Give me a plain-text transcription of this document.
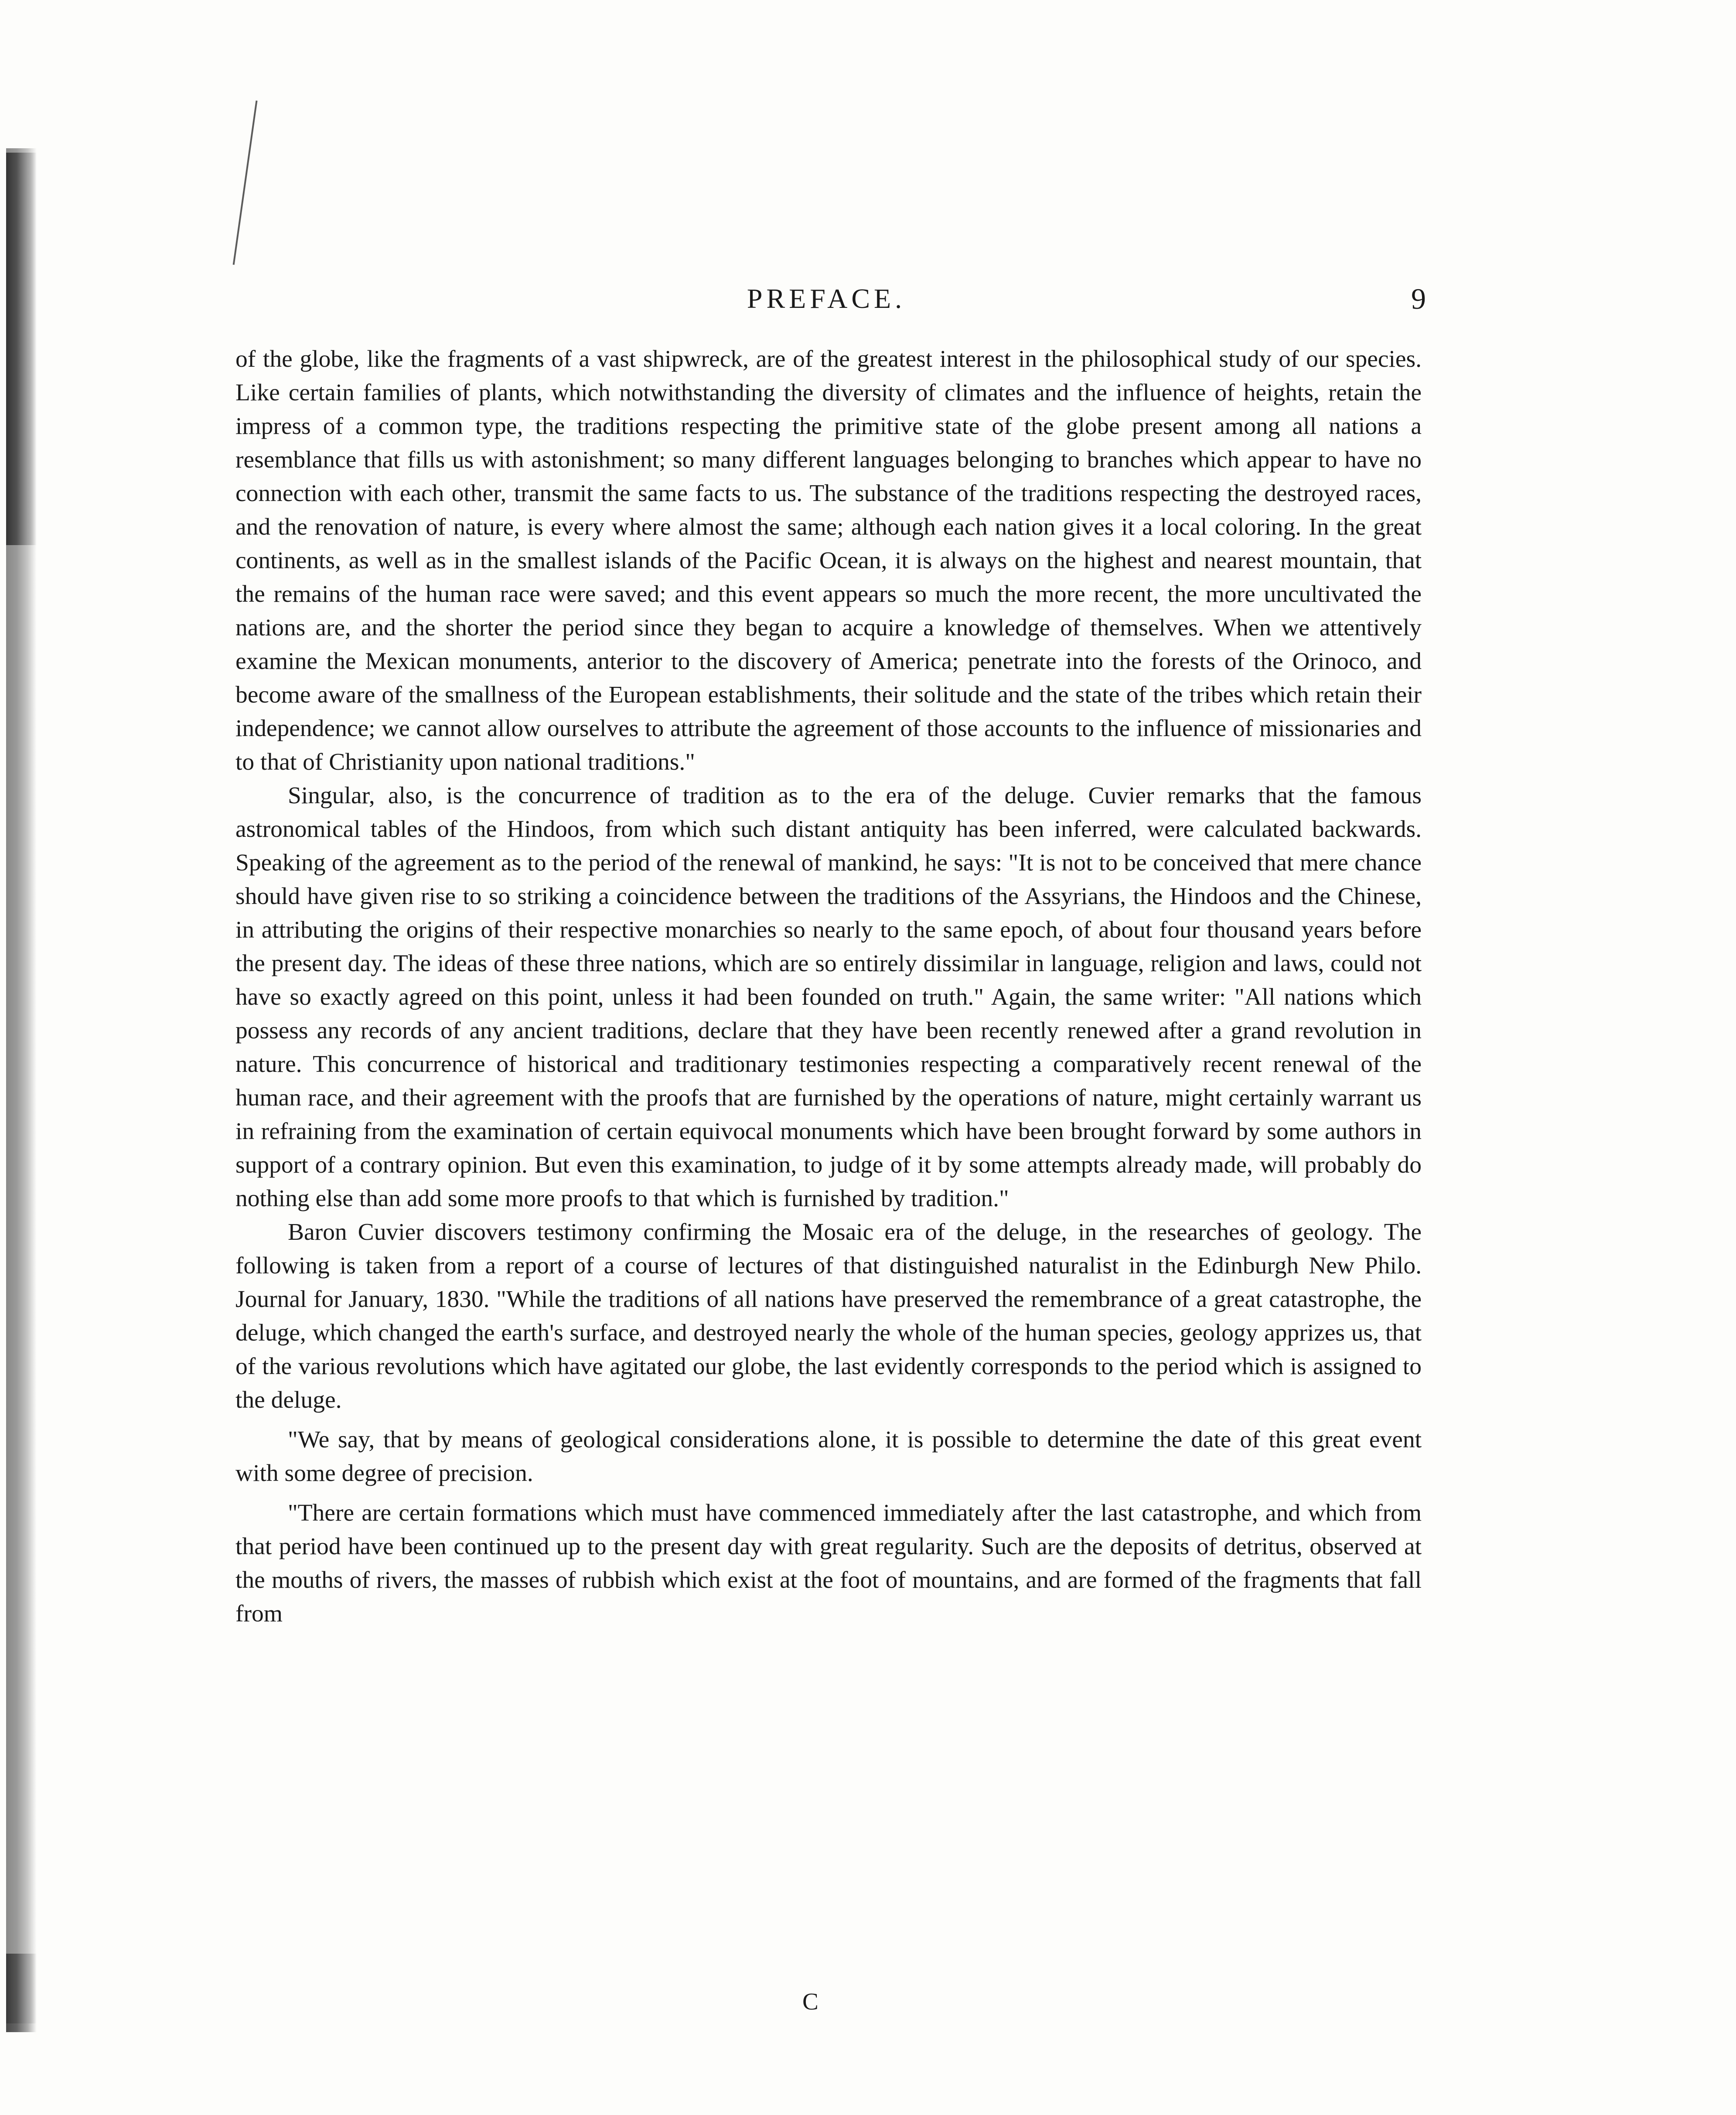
PREFACE.	9

of the globe, like the fragments of a vast shipwreck, are of the greatest interest in the philosophical study of our species. Like certain families of plants, which notwithstanding the diversity of climates and the influence of heights, retain the impress of a common type, the traditions respecting the primitive state of the globe present among all nations a resemblance that fills us with astonishment; so many different languages belonging to branches which appear to have no connection with each other, transmit the same facts to us. The substance of the traditions respecting the destroyed races, and the renovation of nature, is every where almost the same; although each nation gives it a local coloring. In the great continents, as well as in the smallest islands of the Pacific Ocean, it is always on the highest and nearest mountain, that the remains of the human race were saved; and this event appears so much the more recent, the more uncultivated the nations are, and the shorter the period since they began to acquire a knowledge of themselves. When we attentively examine the Mexican monuments, anterior to the discovery of America; penetrate into the forests of the Orinoco, and become aware of the smallness of the European establishments, their solitude and the state of the tribes which retain their independence; we cannot allow ourselves to attribute the agreement of those accounts to the influence of missionaries and to that of Christianity upon national traditions."

Singular, also, is the concurrence of tradition as to the era of the deluge. Cuvier remarks that the famous astronomical tables of the Hindoos, from which such distant antiquity has been inferred, were calculated backwards. Speaking of the agreement as to the period of the renewal of mankind, he says: "It is not to be conceived that mere chance should have given rise to so striking a coincidence between the traditions of the Assyrians, the Hindoos and the Chinese, in attributing the origins of their respective monarchies so nearly to the same epoch, of about four thousand years before the present day. The ideas of these three nations, which are so entirely dissimilar in language, religion and laws, could not have so exactly agreed on this point, unless it had been founded on truth." Again, the same writer: "All nations which possess any records of any ancient traditions, declare that they have been recently renewed after a grand revolution in nature. This concurrence of historical and traditionary testimonies respecting a comparatively recent renewal of the human race, and their agreement with the proofs that are furnished by the operations of nature, might certainly warrant us in refraining from the examination of certain equivocal monuments which have been brought forward by some authors in support of a contrary opinion. But even this examination, to judge of it by some attempts already made, will probably do nothing else than add some more proofs to that which is furnished by tradition."

Baron Cuvier discovers testimony confirming the Mosaic era of the deluge, in the researches of geology. The following is taken from a report of a course of lectures of that distinguished naturalist in the Edinburgh New Philo. Journal for January, 1830. "While the traditions of all nations have preserved the remembrance of a great catastrophe, the deluge, which changed the earth's surface, and destroyed nearly the whole of the human species, geology apprizes us, that of the various revolutions which have agitated our globe, the last evidently corresponds to the period which is assigned to the deluge.

"We say, that by means of geological considerations alone, it is possible to determine the date of this great event with some degree of precision.

"There are certain formations which must have commenced immediately after the last catastrophe, and which from that period have been continued up to the present day with great regularity. Such are the deposits of detritus, observed at the mouths of rivers, the masses of rubbish which exist at the foot of mountains, and are formed of the fragments that fall from

C
